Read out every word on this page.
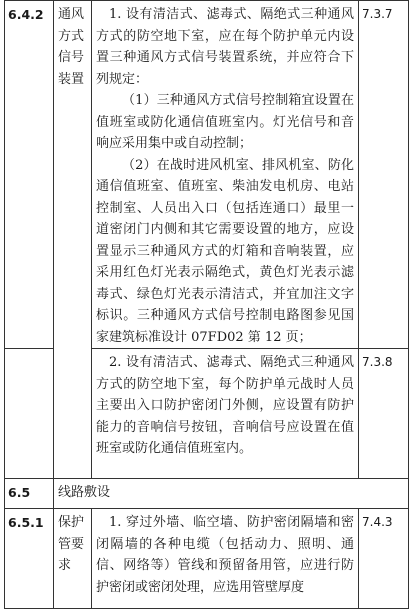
6.4.2	通风方式信号装置	1. 设有清洁式、滤毒式、隔绝式三种通风方式的防空地下室，应在每个防护单元内设置三种通风方式信号装置系统，并应符合下列规定：

（1）三种通风方式信号控制箱宜设置在值班室或防化通信值班室内。灯光信号和音响应采用集中或自动控制；

（2）在战时进风机室、排风机室、防化通信值班室、值班室、柴油发电机房、电站控制室、人员出入口（包括连通口）最里一道密闭门内侧和其它需要设置的地方，应设置显示三种通风方式的灯箱和音响装置，应采用红色灯光表示隔绝式，黄色灯光表示滤毒式、绿色灯光表示清洁式，并宜加注文字标识。三种通风方式信号控制电路图参见国家建筑标准设计 07FD02 第 12 页；	7.3.7

		2. 设有清洁式、滤毒式、隔绝式三种通风方式的防空地下室，每个防护单元战时人员主要出入口防护密闭门外侧，应设置有防护能力的音响信号按钮，音响信号应设置在值班室或防化通信值班室内。	7.3.8
6.5	线路敷设		
6.5.1	保护管要求	1. 穿过外墙、临空墙、防护密闭隔墙和密闭隔墙的各种电缆（包括动力、照明、通信、网络等）管线和预留备用管，应进行防护密闭或密闭处理，应选用管壁厚度	7.4.3
